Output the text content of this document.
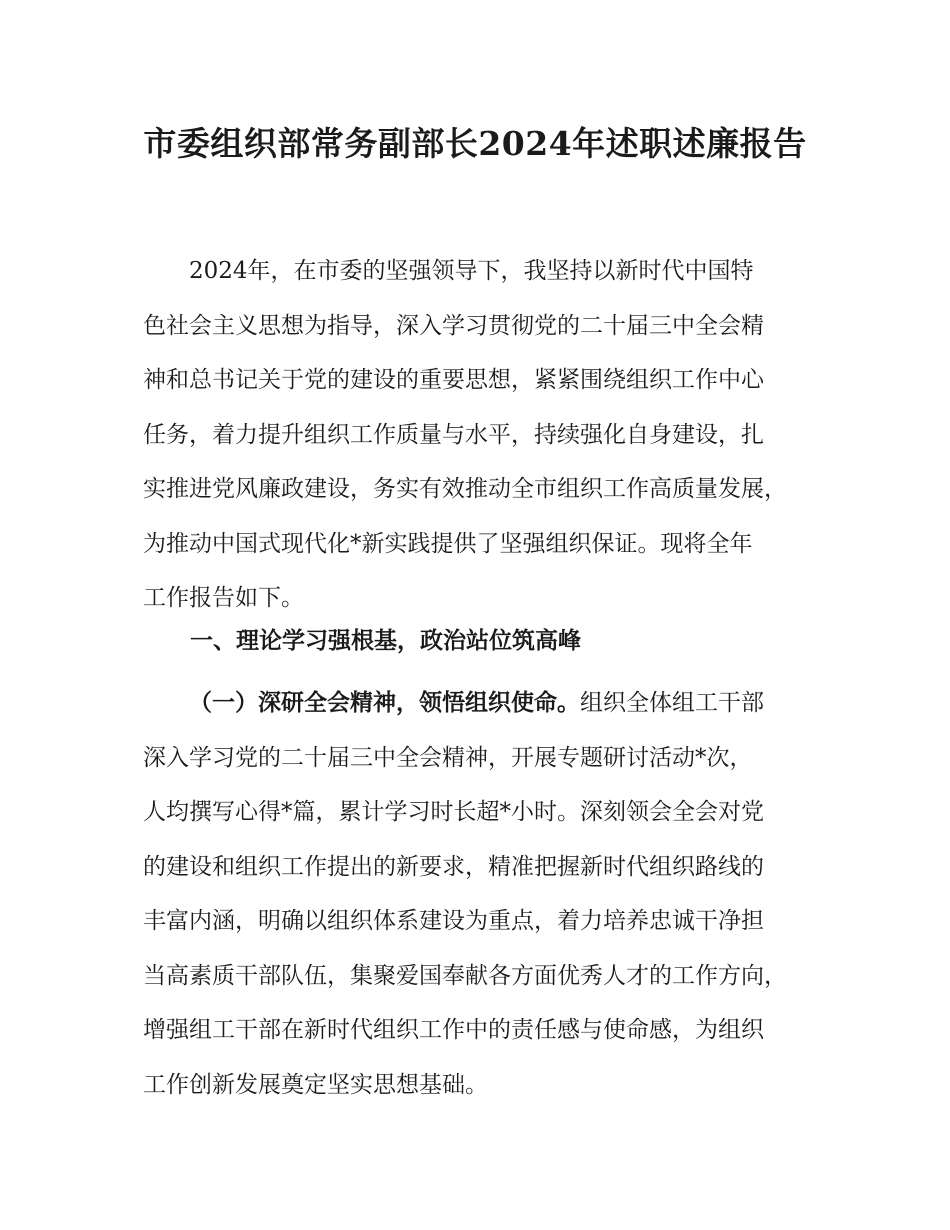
市委组织部常务副部长2024年述职述廉报告
　　2024年，在市委的坚强领导下，我坚持以新时代中国特
色社会主义思想为指导，深入学习贯彻党的二十届三中全会精
神和总书记关于党的建设的重要思想，紧紧围绕组织工作中心
任务，着力提升组织工作质量与水平，持续强化自身建设，扎
实推进党风廉政建设，务实有效推动全市组织工作高质量发展，
为推动中国式现代化*新实践提供了坚强组织保证。现将全年
工作报告如下。
一、理论学习强根基，政治站位筑高峰
（一）深研全会精神，领悟组织使命。组织全体组工干部
深入学习党的二十届三中全会精神，开展专题研讨活动*次，
人均撰写心得*篇，累计学习时长超*小时。深刻领会全会对党
的建设和组织工作提出的新要求，精准把握新时代组织路线的
丰富内涵，明确以组织体系建设为重点，着力培养忠诚干净担
当高素质干部队伍，集聚爱国奉献各方面优秀人才的工作方向，
增强组工干部在新时代组织工作中的责任感与使命感，为组织
工作创新发展奠定坚实思想基础。
